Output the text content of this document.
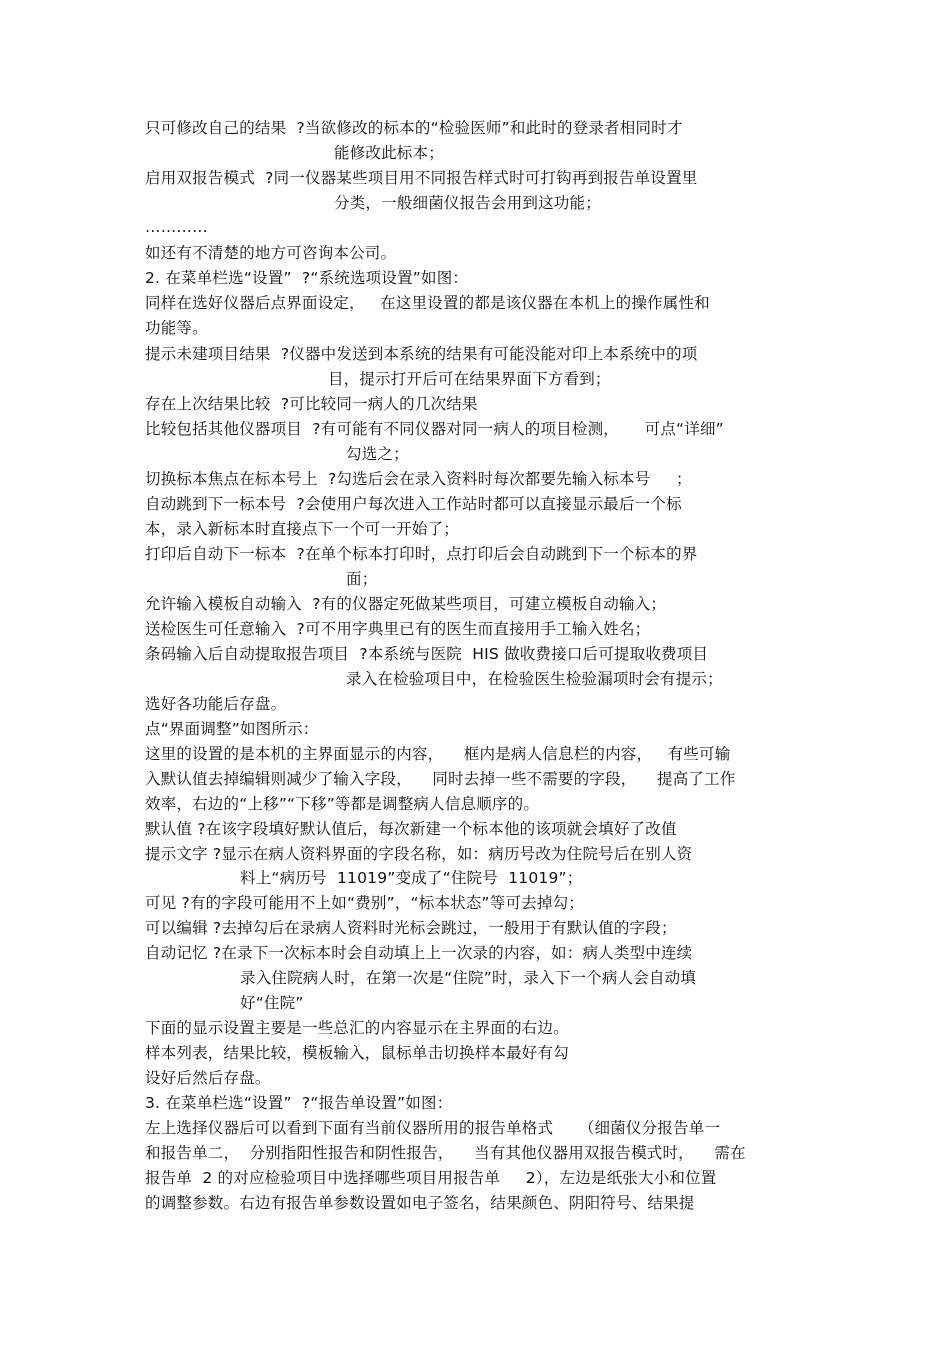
只可修改自己的结果  ?当欲修改的标本的“检验医师”和此时的登录者相同时才
能修改此标本；
启用双报告模式  ?同一仪器某些项目用不同报告样式时可打钩再到报告单设置里
分类，一般细菌仪报告会用到这功能；
…………
如还有不清楚的地方可咨询本公司。
2. 在菜单栏选“设置”  ?“系统选项设置”如图：
同样在选好仪器后点界面设定，   在这里设置的都是该仪器在本机上的操作属性和
功能等。
提示未建项目结果  ?仪器中发送到本系统的结果有可能没能对印上本系统中的项
目，提示打开后可在结果界面下方看到；
存在上次结果比较  ?可比较同一病人的几次结果
比较包括其他仪器项目  ?有可能有不同仪器对同一病人的项目检测，     可点“详细”
勾选之；
切换标本焦点在标本号上  ?勾选后会在录入资料时每次都要先输入标本号     ；
自动跳到下一标本号  ?会使用户每次进入工作站时都可以直接显示最后一个标
本，录入新标本时直接点下一个可一开始了；
打印后自动下一标本  ?在单个标本打印时，点打印后会自动跳到下一个标本的界
面；
允许输入模板自动输入  ?有的仪器定死做某些项目，可建立模板自动输入；
送检医生可任意输入  ?可不用字典里已有的医生而直接用手工输入姓名；
条码输入后自动提取报告项目  ?本系统与医院  HIS 做收费接口后可提取收费项目
录入在检验项目中，在检验医生检验漏项时会有提示；
选好各功能后存盘。
点“界面调整”如图所示：
这里的设置的是本机的主界面显示的内容，    框内是病人信息栏的内容，   有些可输
入默认值去掉编辑则减少了输入字段，    同时去掉一些不需要的字段，    提高了工作
效率，右边的“上移”“下移”等都是调整病人信息顺序的。
默认值 ?在该字段填好默认值后，每次新建一个标本他的该项就会填好了改值
提示文字 ?显示在病人资料界面的字段名称，如：病历号改为住院号后在别人资
料上“病历号  11019”变成了“住院号  11019”；
可见 ?有的字段可能用不上如“费别”，“标本状态”等可去掉勾；
可以编辑 ?去掉勾后在录病人资料时光标会跳过，一般用于有默认值的字段；
自动记忆 ?在录下一次标本时会自动填上上一次录的内容，如：病人类型中连续
录入住院病人时，在第一次是“住院”时，录入下一个病人会自动填
好“住院”
下面的显示设置主要是一些总汇的内容显示在主界面的右边。
样本列表，结果比较，模板输入，鼠标单击切换样本最好有勾
设好后然后存盘。
3. 在菜单栏选“设置”  ?“报告单设置”如图：
左上选择仪器后可以看到下面有当前仪器所用的报告单格式     （细菌仪分报告单一
和报告单二，  分别指阳性报告和阴性报告，    当有其他仪器用双报告模式时，    需在
报告单  2 的对应检验项目中选择哪些项目用报告单     2），左边是纸张大小和位置
的调整参数。右边有报告单参数设置如电子签名，结果颜色、阴阳符号、结果提
